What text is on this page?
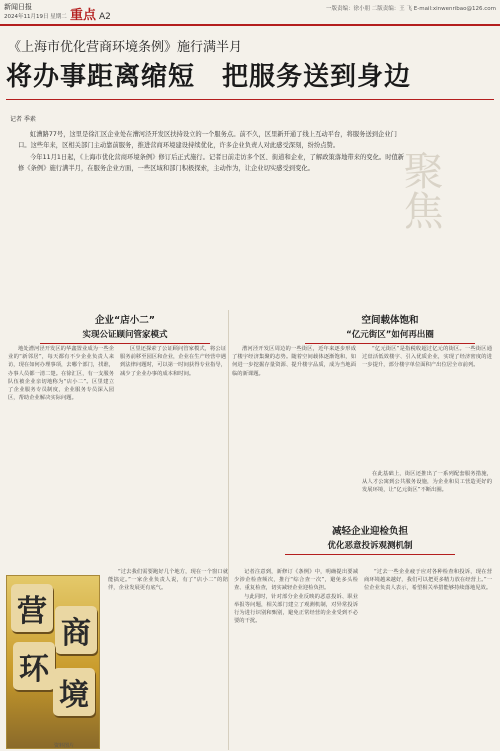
新闻日报
2024年11月19日 星期二 重点 A2
一版责编：徐小朋 二版责编：王 飞 E-mail:xinwenribao@126.com
《上海市优化营商环境条例》施行满半月
将办事距离缩短　把服务送到身边
记者 季素

虹漕路77号，这里是徐汇区企业处在漕河泾开发区扶持设立的一个服务点。前不久，区里新开通了线上互动平台，将服务送到企业门口。这些年来，区相关部门主动靠前服务，推进营商环境建设持续优化，许多企业负责人对此感受深刻，纷纷点赞。

今年11月1日起，《上海市优化营商环境条例》修订后正式施行。记者日前走访多个区、街道和企业，了解政策落地带来的变化。时值新修《条例》施行满半月，在服务企业方面，一些区域和部门积极探索，主动作为，让企业切实感受到变化。	聚焦
企业“店小二”
实现公证顾问管家模式

地处漕河泾开发区的华鑫置业成为一些企业的“新邻居”，每天都有不少企业负责人来访，现在如何办理事项，去哪个部门，找谁，办事人员都一清二楚。在徐汇区，有一支服务队伍被企业亲切地称为“店小二”。区里建立了企业服务专员制度，企业服务专员深入园区，帮助企业解决实际问题。

区里还探索了公证顾问管家模式，将公证服务前移至园区和企业，企业在生产经营中遇到法律问题时，可以第一时间获得专业指导，减少了企业办事的成本和时间。

空间载体饱和
“亿元街区”如何再出圈

漕河泾开发区周边的一些街区，近年来逐步形成了楼宇经济集聚的态势。随着空间载体逐渐饱和，如何进一步挖掘存量资源、提升楼宇品质，成为当地面临的新课题。

“亿元街区”是指税收超过亿元的街区。一些街区通过盘活低效楼宇、引入优质企业，实现了经济密度的进一步提升，部分楼宇单位面积产出位居全市前列。

在此基础上，街区还推出了一系列配套服务措施，从人才公寓到公共服务设施，为企业和员工营造更好的发展环境，让“亿元街区”不断出圈。

减轻企业迎检负担
优化恶意投诉观测机制

“过去我们需要跑好几个地方，现在一个窗口就能搞定。”一家企业负责人说，有了“店小二”的陪伴，企业发展更有底气。

记者注意到，新修订《条例》中，明确提出要减少涉企检查频次，推行“综合查一次”，避免多头检查、重复检查，切实减轻企业迎检负担。

与此同时，针对部分企业反映的恶意投诉、职业举报等问题，相关部门建立了观测机制，对异常投诉行为进行识别和甄别，避免正常经营的企业受到不必要的干扰。

“过去一些企业疲于应对各种检查和投诉，现在营商环境越来越好，我们可以把更多精力放在经营上。”一位企业负责人表示，希望相关举措能够持续落地见效。

营
商
环
境
资料图片
